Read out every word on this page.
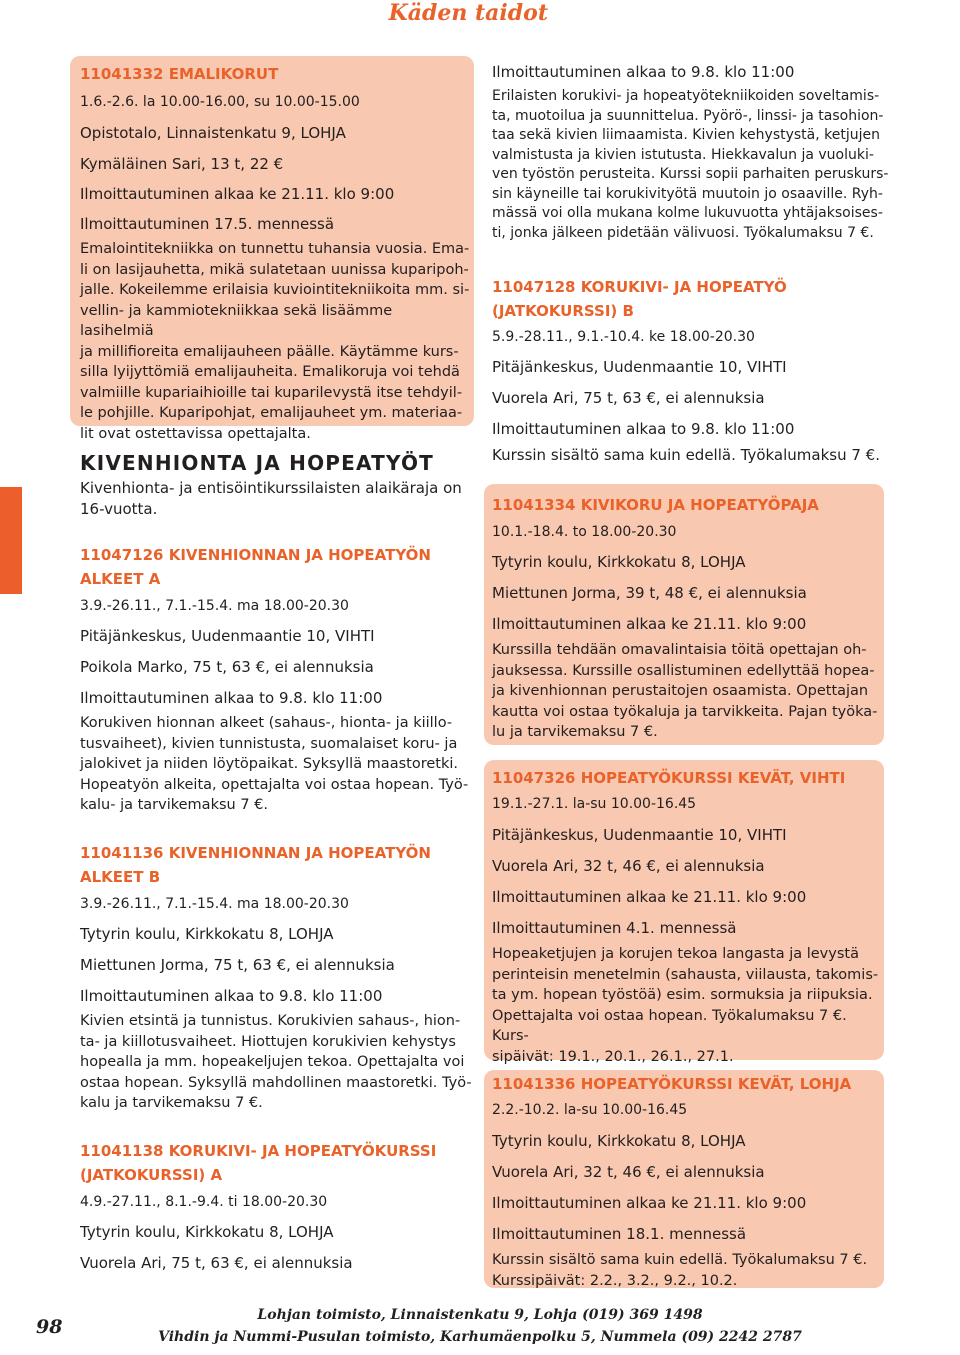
Käden taidot
98
Lohjan toimisto, Linnaistenkatu 9, Lohja (019) 369 1498
Vihdin ja Nummi-Pusulan toimisto, Karhumäenpolku 5, Nummela (09) 2242 2787
11041332 EMALIKORUT
1.6.-2.6. la 10.00-16.00, su 10.00-15.00
Opistotalo, Linnaistenkatu 9, LOHJA
Kymäläinen Sari, 13 t, 22 €
Ilmoittautuminen alkaa ke 21.11. klo 9:00
Ilmoittautuminen 17.5. mennessä
Emalointitekniikka on tunnettu tuhansia vuosia. Ema-
li on lasijauhetta, mikä sulatetaan uunissa kuparipoh-
jalle. Kokeilemme erilaisia kuviointitekniikoita mm. si-
vellin- ja kammiotekniikkaa sekä lisäämme lasihelmiä
ja millifioreita emalijauheen päälle. Käytämme kurs-
silla lyijyttömiä emalijauheita. Emalikoruja voi tehdä
valmiille kupariaihioille tai kuparilevystä itse tehdyil-
le pohjille. Kuparipohjat, emalijauheet ym. materiaa-
lit ovat ostettavissa opettajalta.
KIVENHIONTA JA HOPEATYÖT
Kivenhionta- ja entisöintikurssilaisten alaikäraja on
16-vuotta.
11047126 KIVENHIONNAN JA HOPEATYÖN
ALKEET A
3.9.-26.11., 7.1.-15.4. ma 18.00-20.30
Pitäjänkeskus, Uudenmaantie 10, VIHTI
Poikola Marko, 75 t, 63 €, ei alennuksia
Ilmoittautuminen alkaa to 9.8. klo 11:00
Korukiven hionnan alkeet (sahaus-, hionta- ja kiillo-
tusvaiheet), kivien tunnistusta, suomalaiset koru- ja
jalokivet ja niiden löytöpaikat. Syksyllä maastoretki.
Hopeatyön alkeita, opettajalta voi ostaa hopean. Työ-
kalu- ja tarvikemaksu 7 €.
11041136 KIVENHIONNAN JA HOPEATYÖN
ALKEET B
3.9.-26.11., 7.1.-15.4. ma 18.00-20.30
Tytyrin koulu, Kirkkokatu 8, LOHJA
Miettunen Jorma, 75 t, 63 €, ei alennuksia
Ilmoittautuminen alkaa to 9.8. klo 11:00
Kivien etsintä ja tunnistus. Korukivien sahaus-, hion-
ta- ja kiillotusvaiheet. Hiottujen korukivien kehystys
hopealla ja mm. hopeakeljujen tekoa. Opettajalta voi
ostaa hopean. Syksyllä mahdollinen maastoretki. Työ-
kalu ja tarvikemaksu 7 €.
11041138 KORUKIVI- JA HOPEATYÖKURSSI
(JATKOKURSSI) A
4.9.-27.11., 8.1.-9.4. ti 18.00-20.30
Tytyrin koulu, Kirkkokatu 8, LOHJA
Vuorela Ari, 75 t, 63 €, ei alennuksia
Ilmoittautuminen alkaa to 9.8. klo 11:00
Erilaisten korukivi- ja hopeatyötekniikoiden soveltamis-
ta, muotoilua ja suunnittelua. Pyörö-, linssi- ja tasohion-
taa sekä kivien liimaamista. Kivien kehystystä, ketjujen
valmistusta ja kivien istutusta. Hiekkavalun ja vuoluki-
ven työstön perusteita. Kurssi sopii parhaiten peruskurs-
sin käyneille tai korukivityötä muutoin jo osaaville. Ryh-
mässä voi olla mukana kolme lukuvuotta yhtäjaksoises-
ti, jonka jälkeen pidetään välivuosi. Työkalumaksu 7 €.
11047128 KORUKIVI- JA HOPEATYÖ
(JATKOKURSSI) B
5.9.-28.11., 9.1.-10.4. ke 18.00-20.30
Pitäjänkeskus, Uudenmaantie 10, VIHTI
Vuorela Ari, 75 t, 63 €, ei alennuksia
Ilmoittautuminen alkaa to 9.8. klo 11:00
Kurssin sisältö sama kuin edellä. Työkalumaksu 7 €.
11041334 KIVIKORU JA HOPEATYÖPAJA
10.1.-18.4. to 18.00-20.30
Tytyrin koulu, Kirkkokatu 8, LOHJA
Miettunen Jorma, 39 t, 48 €, ei alennuksia
Ilmoittautuminen alkaa ke 21.11. klo 9:00
Kurssilla tehdään omavalintaisia töitä opettajan oh-
jauksessa. Kurssille osallistuminen edellyttää hopea-
ja kivenhionnan perustaitojen osaamista. Opettajan
kautta voi ostaa työkaluja ja tarvikkeita. Pajan työka-
lu ja tarvikemaksu 7 €.
11047326 HOPEATYÖKURSSI KEVÄT, VIHTI
19.1.-27.1. la-su 10.00-16.45
Pitäjänkeskus, Uudenmaantie 10, VIHTI
Vuorela Ari, 32 t, 46 €, ei alennuksia
Ilmoittautuminen alkaa ke 21.11. klo 9:00
Ilmoittautuminen 4.1. mennessä
Hopeaketjujen ja korujen tekoa langasta ja levystä
perinteisin menetelmin (sahausta, viilausta, takomis-
ta ym. hopean työstöä) esim. sormuksia ja riipuksia.
Opettajalta voi ostaa hopean. Työkalumaksu 7 €. Kurs-
sipäivät: 19.1., 20.1., 26.1., 27.1.
11041336 HOPEATYÖKURSSI KEVÄT, LOHJA
2.2.-10.2. la-su 10.00-16.45
Tytyrin koulu, Kirkkokatu 8, LOHJA
Vuorela Ari, 32 t, 46 €, ei alennuksia
Ilmoittautuminen alkaa ke 21.11. klo 9:00
Ilmoittautuminen 18.1. mennessä
Kurssin sisältö sama kuin edellä. Työkalumaksu 7 €.
Kurssipäivät: 2.2., 3.2., 9.2., 10.2.
